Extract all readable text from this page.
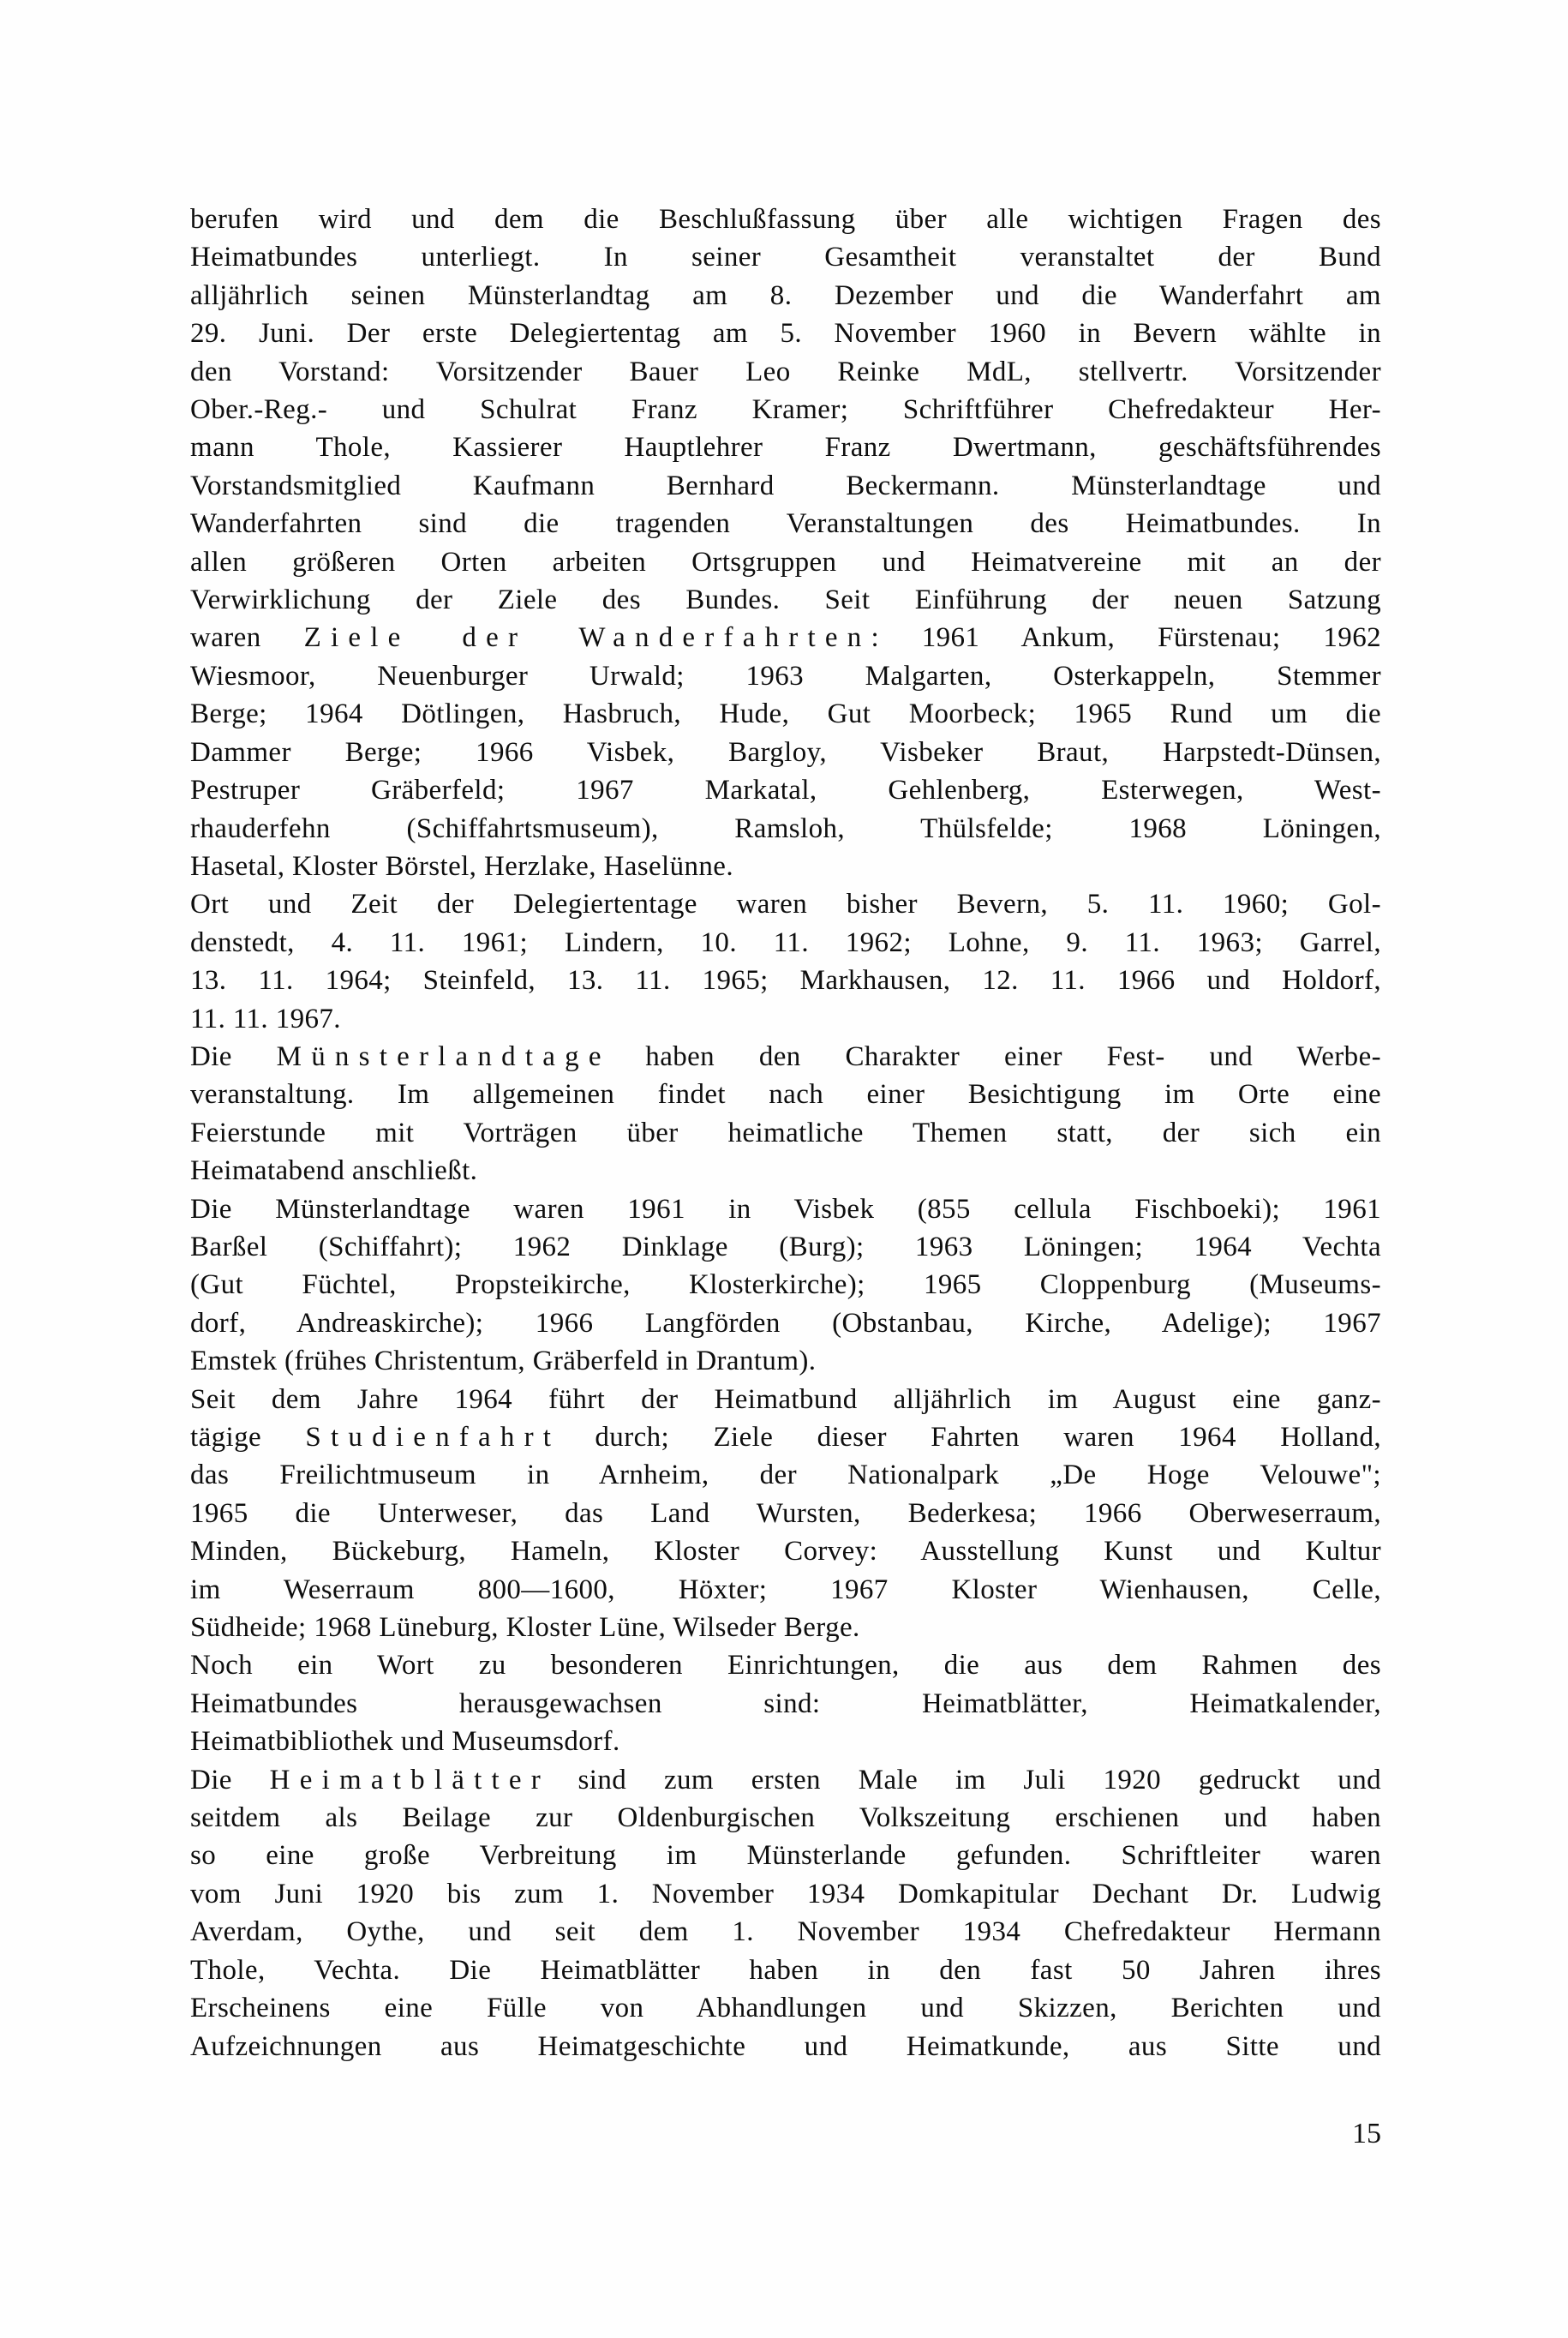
berufen wird und dem die Beschlußfassung über alle wichtigen Fragen des
Heimatbundes unterliegt. In seiner Gesamtheit veranstaltet der Bund
alljährlich seinen Münsterlandtag am 8. Dezember und die Wanderfahrt am
29. Juni. Der erste Delegiertentag am 5. November 1960 in Bevern wählte in
den Vorstand: Vorsitzender Bauer Leo Reinke MdL, stellvertr. Vorsitzender
Ober.-Reg.- und Schulrat Franz Kramer; Schriftführer Chefredakteur Her-
mann Thole, Kassierer Hauptlehrer Franz Dwertmann, geschäftsführendes
Vorstandsmitglied Kaufmann Bernhard Beckermann. Münsterlandtage und
Wanderfahrten sind die tragenden Veranstaltungen des Heimatbundes. In
allen größeren Orten arbeiten Ortsgruppen und Heimatvereine mit an der
Verwirklichung der Ziele des Bundes. Seit Einführung der neuen Satzung
waren Ziele der Wanderfahrten: 1961 Ankum, Fürstenau; 1962
Wiesmoor, Neuenburger Urwald; 1963 Malgarten, Osterkappeln, Stemmer
Berge; 1964 Dötlingen, Hasbruch, Hude, Gut Moorbeck; 1965 Rund um die
Dammer Berge; 1966 Visbek, Bargloy, Visbeker Braut, Harpstedt-Dünsen,
Pestruper Gräberfeld; 1967 Markatal, Gehlenberg, Esterwegen, West-
rhauderfehn (Schiffahrtsmuseum), Ramsloh, Thülsfelde; 1968 Löningen,
Hasetal, Kloster Börstel, Herzlake, Haselünne.
Ort und Zeit der Delegiertentage waren bisher Bevern, 5. 11. 1960; Gol-
denstedt, 4. 11. 1961; Lindern, 10. 11. 1962; Lohne, 9. 11. 1963; Garrel,
13. 11. 1964; Steinfeld, 13. 11. 1965; Markhausen, 12. 11. 1966 und Holdorf,
11. 11. 1967.
Die Münsterlandtage haben den Charakter einer Fest- und Werbe-
veranstaltung. Im allgemeinen findet nach einer Besichtigung im Orte eine
Feierstunde mit Vorträgen über heimatliche Themen statt, der sich ein
Heimatabend anschließt.
Die Münsterlandtage waren 1961 in Visbek (855 cellula Fischboeki); 1961
Barßel (Schiffahrt); 1962 Dinklage (Burg); 1963 Löningen; 1964 Vechta
(Gut Füchtel, Propsteikirche, Klosterkirche); 1965 Cloppenburg (Museums-
dorf, Andreaskirche); 1966 Langförden (Obstanbau, Kirche, Adelige); 1967
Emstek (frühes Christentum, Gräberfeld in Drantum).
Seit dem Jahre 1964 führt der Heimatbund alljährlich im August eine ganz-
tägige Studienfahrt durch; Ziele dieser Fahrten waren 1964 Holland,
das Freilichtmuseum in Arnheim, der Nationalpark „De Hoge Velouwe";
1965 die Unterweser, das Land Wursten, Bederkesa; 1966 Oberweserraum,
Minden, Bückeburg, Hameln, Kloster Corvey: Ausstellung Kunst und Kultur
im Weserraum 800—1600, Höxter; 1967 Kloster Wienhausen, Celle,
Südheide; 1968 Lüneburg, Kloster Lüne, Wilseder Berge.
Noch ein Wort zu besonderen Einrichtungen, die aus dem Rahmen des
Heimatbundes herausgewachsen sind: Heimatblätter, Heimatkalender,
Heimatbibliothek und Museumsdorf.
Die Heimatblätter sind zum ersten Male im Juli 1920 gedruckt und
seitdem als Beilage zur Oldenburgischen Volkszeitung erschienen und haben
so eine große Verbreitung im Münsterlande gefunden. Schriftleiter waren
vom Juni 1920 bis zum 1. November 1934 Domkapitular Dechant Dr. Ludwig
Averdam, Oythe, und seit dem 1. November 1934 Chefredakteur Hermann
Thole, Vechta. Die Heimatblätter haben in den fast 50 Jahren ihres
Erscheinens eine Fülle von Abhandlungen und Skizzen, Berichten und
Aufzeichnungen aus Heimatgeschichte und Heimatkunde, aus Sitte und
15
